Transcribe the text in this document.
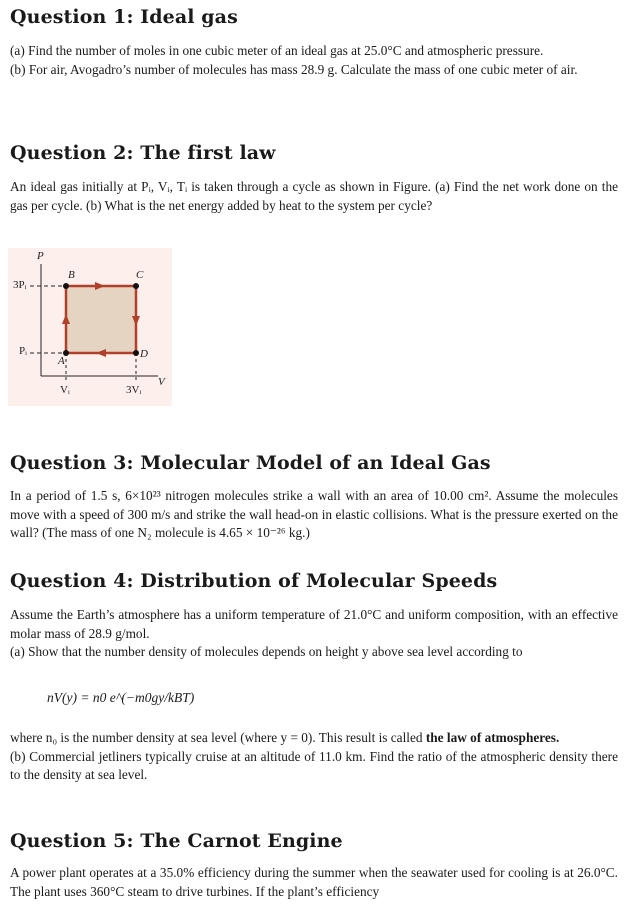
Question 1: Ideal gas

(a) Find the number of moles in one cubic meter of an ideal gas at 25.0°C and atmospheric pressure.

(b) For air, Avogadro’s number of molecules has mass 28.9 g. Calculate the mass of one cubic meter of air.

Question 2: The first law

An ideal gas initially at Pᵢ, Vᵢ, Tᵢ is taken through a cycle as shown in Figure. (a) Find the net work done on the gas per cycle. (b) What is the net energy added by heat to the system per cycle?

P
V
3Pᵢ
Pᵢ
Vᵢ	3Vᵢ
B	C
A
D
Question 3: Molecular Model of an Ideal Gas

In a period of 1.5 s, 6×10²³ nitrogen molecules strike a wall with an area of 10.00 cm². Assume the molecules move with a speed of 300 m/s and strike the wall head-on in elastic collisions. What is the pressure exerted on the wall? (The mass of one N₂ molecule is 4.65 × 10⁻²⁶ kg.)

Question 4: Distribution of Molecular Speeds

Assume the Earth’s atmosphere has a uniform temperature of 21.0°C and uniform composition, with an effective molar mass of 28.9 g/mol.

(a) Show that the number density of molecules depends on height y above sea level according to

nV(y) = n0 e^(−m0gy/kBT)

where n₀ is the number density at sea level (where y = 0). This result is called the law of atmospheres.

(b) Commercial jetliners typically cruise at an altitude of 11.0 km. Find the ratio of the atmospheric density there to the density at sea level.

Question 5: The Carnot Engine

A power plant operates at a 35.0% efficiency during the summer when the seawater used for cooling is at 26.0°C. The plant uses 360°C steam to drive turbines. If the plant’s efficiency
